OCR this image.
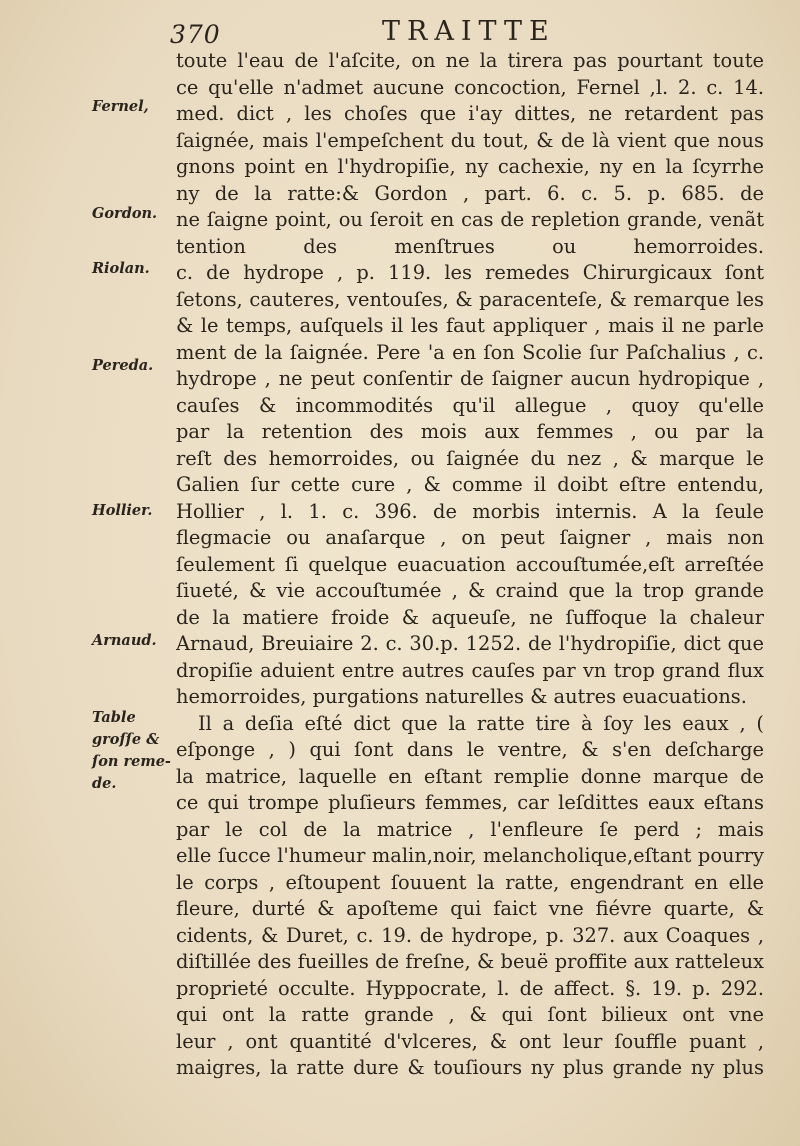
370	TRAITTE
Fernel,
Gordon.
Riolan.
Pereda.
Hollier.
Arnaud.
Table
groſſe &
ſon reme-
de.
toute l'eau de l'aſcite, on ne la tirera pas pourtant toute
ce qu'elle n'admet aucune concoction, Fernel ,l. 2. c. 14.
med. dict , les choſes que i'ay dittes, ne retardent pas
ſaignée, mais l'empeſchent du tout, & de là vient que nous
gnons point en l'hydropiſie, ny cachexie, ny en la ſcyrrhe
ny de la ratte:& Gordon , part. 6. c. 5. p. 685. de
ne ſaigne point, ou ſeroit en cas de repletion grande, venãt
tention des menſtrues ou hemorroides.
c. de hydrope , p. 119. les remedes Chirurgicaux ſont
ſetons, cauteres, ventouſes, & paracenteſe, & remarque les
& le temps, auſquels il les faut appliquer , mais il ne parle
ment de la ſaignée. Pere 'a en ſon Scolie ſur Paſchalius , c.
hydrope , ne peut conſentir de ſaigner aucun hydropique ,
cauſes & incommodités qu'il allegue , quoy qu'elle
par la retention des mois aux femmes , ou par la
reſt des hemorroides, ou ſaignée du nez , & marque le
Galien ſur cette cure , & comme il doibt eſtre entendu,
Hollier , l. 1. c. 396. de morbis internis. A la ſeule
flegmacie ou anaſarque , on peut ſaigner , mais non
ſeulement ſi quelque euacuation accouſtumée,eſt arreſtée
ſiueté, & vie accouſtumée , & craind que la trop grande
de la matiere froide & aqueuſe, ne ſuffoque la chaleur
Arnaud, Breuiaire 2. c. 30.p. 1252. de l'hydropiſie, dict que
dropiſie aduient entre autres cauſes par vn trop grand flux
hemorroides, purgations naturelles & autres euacuations.
Il a deſia eſté dict que la ratte tire à ſoy les eaux , (
eſponge , ) qui ſont dans le ventre, & s'en deſcharge
la matrice, laquelle en eſtant remplie donne marque de
ce qui trompe pluſieurs femmes, car leſdittes eaux eſtans
par le col de la matrice , l'enfleure ſe perd ; mais
elle ſucce l'humeur malin,noir, melancholique,eſtant pourry
le corps , eſtoupent ſouuent la ratte, engendrant en elle
fleure, durté & apoſteme qui faict vne fiévre quarte, &
cidents, & Duret, c. 19. de hydrope, p. 327. aux Coaques ,
diſtillée des fueilles de freſne, & beuë proffite aux ratteleux
proprieté occulte. Hyppocrate, l. de affect. §. 19. p. 292.
qui ont la ratte grande , & qui ſont bilieux ont vne
leur , ont quantité d'vlceres, & ont leur ſouffle puant ,
maigres, la ratte dure & touſiours ny plus grande ny plus
